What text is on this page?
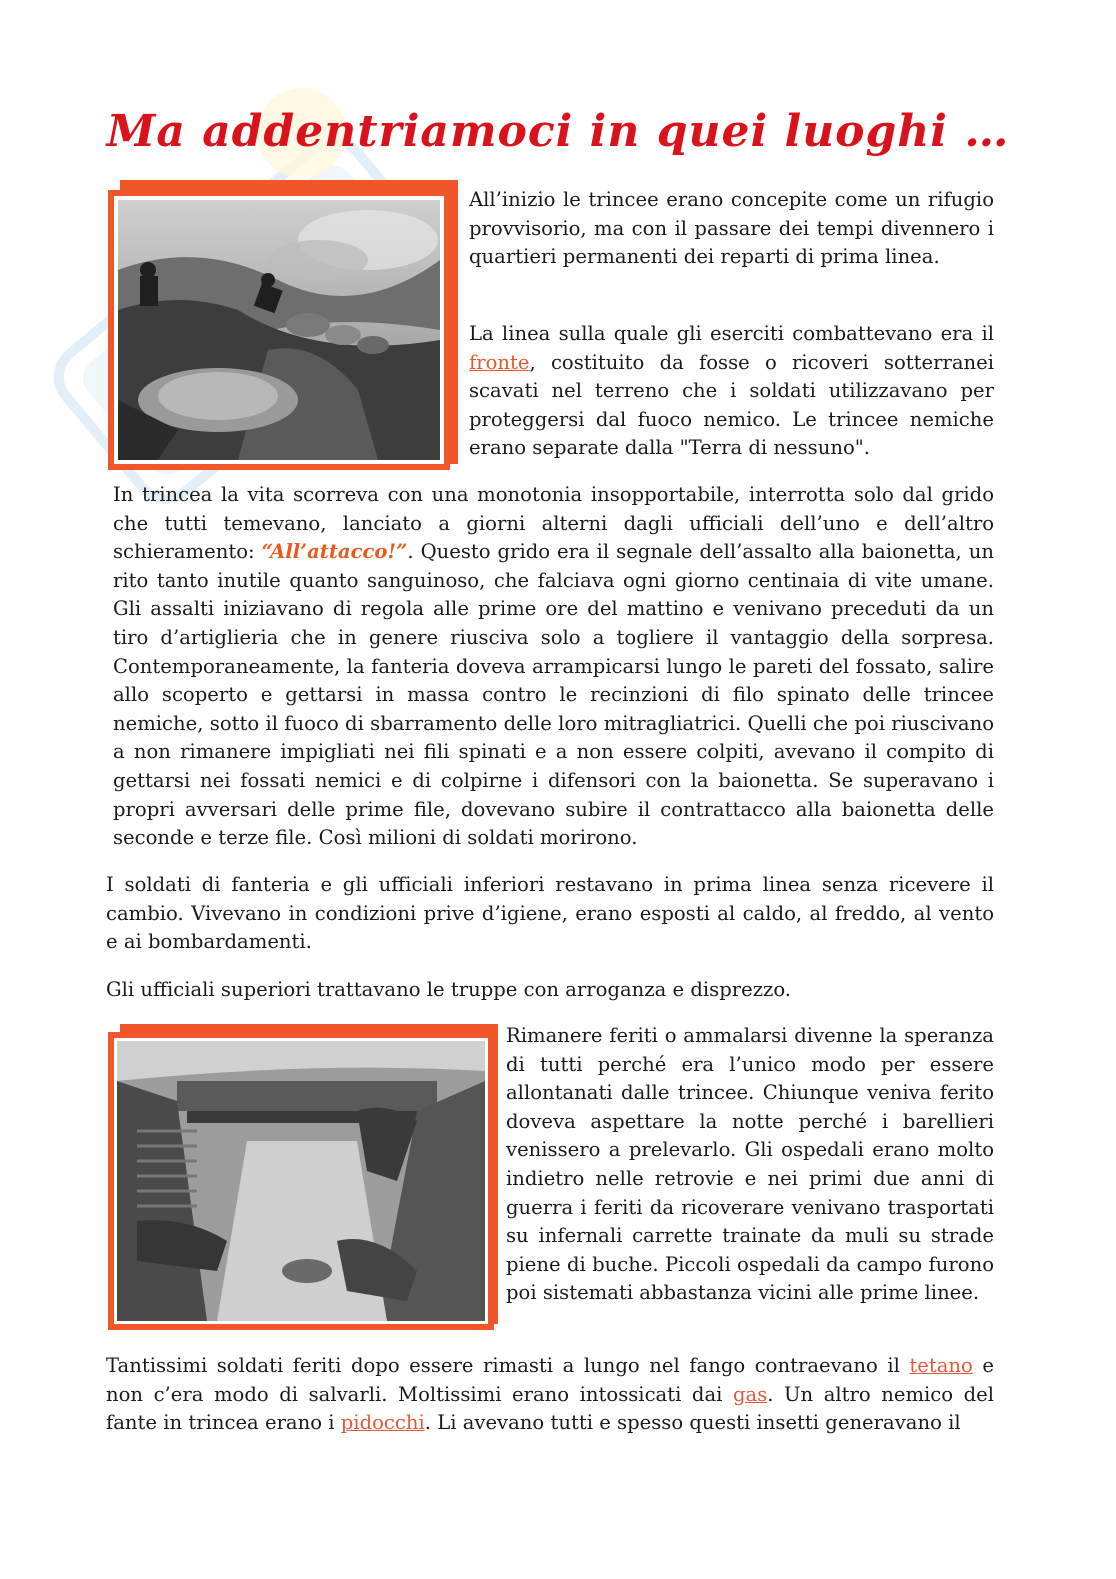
Ma addentriamoci in quei luoghi …

All’inizio le trincee erano concepite come un rifugio provvisorio, ma con il passare dei tempi divennero i quartieri permanenti dei reparti di prima linea.

La linea sulla quale gli eserciti combattevano era il fronte, costituito da fosse o ricoveri sotterranei scavati nel terreno che i soldati utilizzavano per proteggersi dal fuoco nemico. Le trincee nemiche erano separate dalla "Terra di nessuno".

In trincea la vita scorreva con una monotonia insopportabile, interrotta solo dal grido che tutti temevano, lanciato a giorni alterni dagli ufficiali dell’uno e dell’altro schieramento: “All’attacco!”. Questo grido era il segnale dell’assalto alla baionetta, un rito tanto inutile quanto sanguinoso, che falciava ogni giorno centinaia di vite umane. Gli assalti iniziavano di regola alle prime ore del mattino e venivano preceduti da un tiro d’artiglieria che in genere riusciva solo a togliere il vantaggio della sorpresa. Contemporaneamente, la fanteria doveva arrampicarsi lungo le pareti del fossato, salire allo scoperto e gettarsi in massa contro le recinzioni di filo spinato delle trincee nemiche, sotto il fuoco di sbarramento delle loro mitragliatrici. Quelli che poi riuscivano a non rimanere impigliati nei fili spinati e a non essere colpiti, avevano il compito di gettarsi nei fossati nemici e di colpirne i difensori con la baionetta. Se superavano i propri avversari delle prime file, dovevano subire il contrattacco alla baionetta delle seconde e terze file. Così milioni di soldati morirono.

I soldati di fanteria e gli ufficiali inferiori restavano in prima linea senza ricevere il cambio. Vivevano in condizioni prive d’igiene, erano esposti al caldo, al freddo, al vento e ai bombardamenti.

Gli ufficiali superiori trattavano le truppe con arroganza e disprezzo.

Rimanere feriti o ammalarsi divenne la speranza di tutti perché era l’unico modo per essere allontanati dalle trincee. Chiunque veniva ferito doveva aspettare la notte perché i barellieri venissero a prelevarlo. Gli ospedali erano molto indietro nelle retrovie e nei primi due anni di guerra i feriti da ricoverare venivano trasportati su infernali carrette trainate da muli su strade piene di buche. Piccoli ospedali da campo furono poi sistemati abbastanza vicini alle prime linee.

Tantissimi soldati feriti dopo essere rimasti a lungo nel fango contraevano il tetano e non c’era modo di salvarli. Moltissimi erano intossicati dai gas. Un altro nemico del fante in trincea erano i pidocchi. Li avevano tutti e spesso questi insetti generavano il
